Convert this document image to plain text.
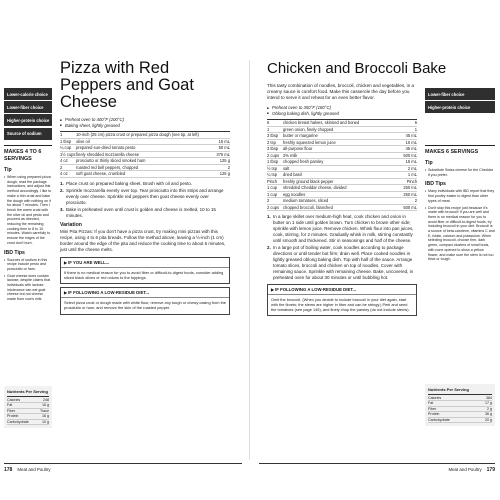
Lower-calorie choice
Lower-fiber choice
Higher-protein choice
Source of sodium
MAKES 4 TO 6 SERVINGS
Tip
• When using prepared pizza dough, read the package instructions, and adjust this method accordingly. I like to make a thin crust and bake the dough with nothing on it for about 7 minutes. Then I brush the warm crust with the olive oil and pesto and proceed as directed, reducing the remaining cooking time to 8 to 10 minutes. Watch carefully to ensure the edges of the crust don't burn.
IBD Tips
• Sources of sodium in this recipe include pesto and prosciutto or ham.
• Goat cheese does contain lactose, despite claims that individuals with lactose intolerance can eat goat cheese but not cheese made from cow's milk.
Nutrients Per Serving
Calories	248
Fat	16 g
Fiber	Trace
Protein	16 g
Carbohydrate	10 g
Pizza with Red Peppers and Goat Cheese
■ Preheat oven to 400°F (200°C)
■ Baking sheet, lightly greased
1	10-inch (25 cm) pizza crust or prepared pizza dough (see tip, at left)
1 tbsp	olive oil	15 mL
¼ cup	prepared sun-dried tomato pesto	50 mL
1½ cups finely shredded mozzarella cheese	375 mL
4 oz	prosciutto or thinly sliced smoked ham	125 g
2	roasted red bell peppers, chopped	2
4 oz	soft goat cheese, crumbled	125 g
1. Place crust on prepared baking sheet. Brush with oil and pesto.
2. Sprinkle mozzarella evenly over top. Tear prosciutto into thin strips and arrange evenly over cheese. Sprinkle red peppers then goat cheese evenly over prosciutto.
3. Bake in preheated oven until crust is golden and cheese is melted, 10 to 15 minutes.
Variation
Mini Pita Pizzas: If you don't have a pizza crust, try making mini pizzas with this recipe, using 4 to 6 pita breads. Follow the method above, leaving a ½-inch (1 cm) border around the edge of the pita and reduce the cooking time to about 6 minutes, just until the cheese melts.
▶IF YOU ARE WELL...
If there is no medical reason for you to avoid fiber or difficult-to-digest foods, consider adding sliced black olives or red onions to the toppings.
▶IF FOLLOWING A LOW-RESIDUE DIET...
Select pizza crust or dough made with white flour, remove any tough or chewy casing from the prosciutto or ham, and remove the skin of the roasted pepper.
178 Meat and Poultry
Chicken and Broccoli Bake

This tasty combination of noodles, broccoli, chicken and vegetables, in a creamy sauce is comfort food. Make this casserole the day before you intend to serve it and reheat for an even better flavor.

■ Preheat oven to 350°F (180°C)
■ Oblong baking dish, lightly greased
6	chicken breast halves, skinned and boned	6
1	green onion, finely chopped	1
3 tbsp	butter or margarine	45 mL
2 tsp	freshly squeezed lemon juice	10 mL
3 tbsp	all-purpose flour	45 mL
2 cups 2% milk	500 mL
1 tbsp	chopped fresh parsley	15 mL
½ tsp	salt	2 mL
¼ tsp	dried basil	1 mL
Pinch	freshly ground black pepper	Pinch
1 cup	shredded Cheddar cheese, divided	250 mL
1 cup	egg noodles	250 mL
2	medium tomatoes, sliced	2
2 cups chopped broccoli, blanched	500 mL
1. In a large skillet over medium-high heat, cook chicken and onion in butter on 1 side until golden brown. Turn chicken to brown other side; sprinkle with lemon juice. Remove chicken. Whisk flour into pan juices, cook, stirring, for 2 minutes. Gradually whisk in milk, stirring constantly until smooth and thickened. Stir in seasonings and half of the cheese.
2. In a large pot of boiling water, cook noodles according to package directions or until tender but firm; drain well. Place cooked noodles in lightly greased oblong baking dish. Top with half of the sauce. Arrange tomato slices, broccoli and chicken on top of noodles. Cover with remaining sauce. Sprinkle with remaining cheese. Bake, uncovered, in preheated oven for about 30 minutes or until bubbling hot.
▶IF FOLLOWING A LOW-RESIDUE DIET...
Omit the broccoli. (When you decide to include broccoli in your diet again, start with the florets; the stems are higher in fiber and can be stringy.) Peel and seed the tomatoes (see page 145), and finely chop the parsley (do not include stems).
Lower-fiber choice
Higher-protein choice
MAKES 6 SERVINGS
Tip
• Substitute Swiss cheese for the Cheddar if you prefer.
IBD Tips
• Many individuals with IBD report that they find poultry easier to digest than other types of meat.
• Don't skip this recipe just because it's made with broccoli! If you are well and there is no medical reason for you to avoid fiber or difficult-to-digest foods, try including broccoli in your diet. Broccoli is a source of beta-carotene, vitamins C and E, folate, calcium and potassium. When selecting broccoli, choose firm, dark green, compact clusters of small buds, with none opened to show a yellow flower, and make sure the stem is not too thick or tough.
Nutrients Per Serving
Calories	384
Fat	17 g
Fiber	2 g
Protein	36 g
Carbohydrate	20 g
Meat and Poultry 179
